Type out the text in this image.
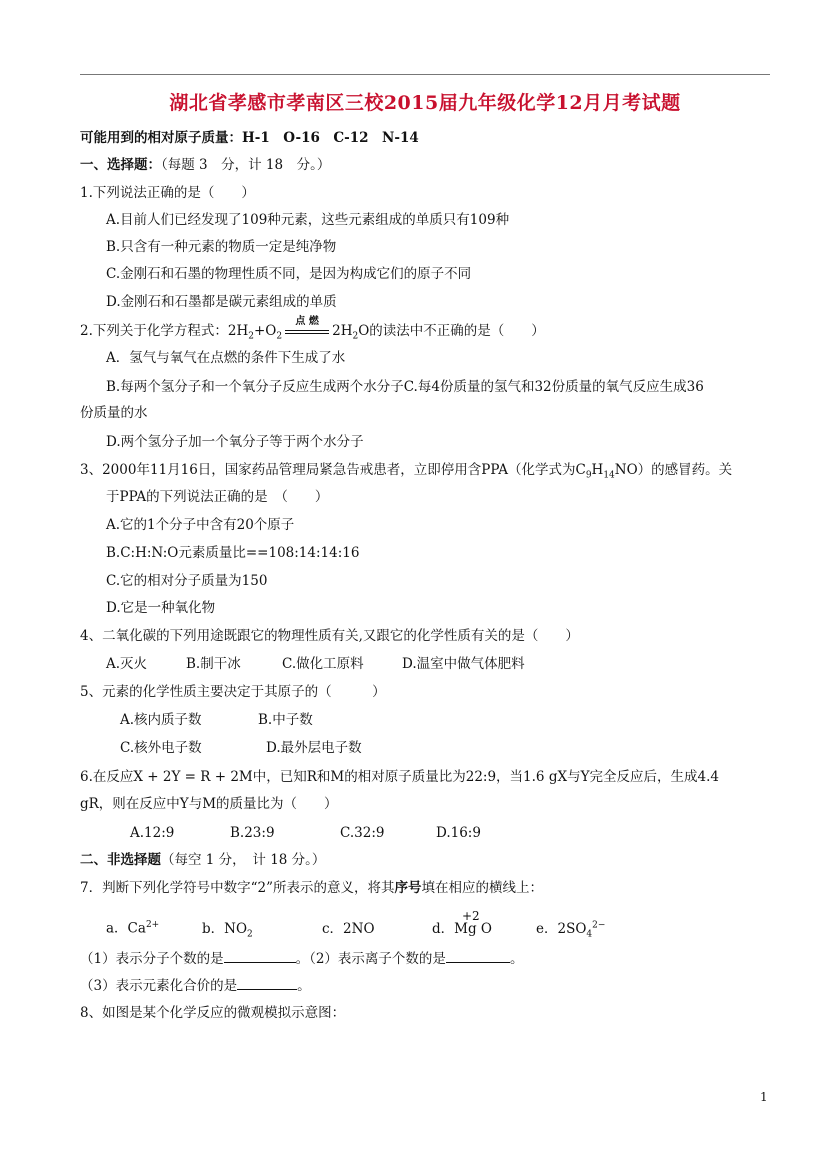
湖北省孝感市孝南区三校2015届九年级化学12月月考试题
可能用到的相对原子质量：H-1　O-16　C-12　N-14
一、选择题：（每题 3　分，计 18　分。）
1.下列说法正确的是（　　）
A.目前人们已经发现了109种元素，这些元素组成的单质只有109种
B.只含有一种元素的物质一定是纯净物
C.金刚石和石墨的物理性质不同，是因为构成它们的原子不同
D.金刚石和石墨都是碳元素组成的单质
2.下列关于化学方程式：$2H_2+O_2$
点 燃
$2H_2O$的读法中不正确的是（　　）
A．氢气与氧气在点燃的条件下生成了水
B.每两个氢分子和一个氧分子反应生成两个水分子C.每4份质量的氢气和32份质量的氧气反应生成36
份质量的水
D.两个氢分子加一个氧分子等于两个水分子
3、2000年11月16日，国家药品管理局紧急告戒患者，立即停用含PPA（化学式为$C_9H_{14}NO$）的感冒药。关
于PPA的下列说法正确的是　（　　）
A.它的1个分子中含有20个原子
B.C:H:N:O元素质量比==108:14:14:16
C.它的相对分子质量为150
D.它是一种氧化物
4、二氧化碳的下列用途既跟它的物理性质有关,又跟它的化学性质有关的是（　　）
A.灭火	B.制干冰	C.做化工原料	D.温室中做气体肥料
5、元素的化学性质主要决定于其原子的（　　　）
A.核内质子数	B.中子数
C.核外电子数	D.最外层电子数
6.在反应X + 2Y = R + 2M中，已知R和M的相对原子质量比为22:9，当1.6 gX与Y完全反应后，生成4.4
gR，则在反应中Y与M的质量比为（　　）
A.12:9	B.23:9	C.32:9	D.16:9
二、非选择题（每空 1 分，　计 18 分。）
7．判断下列化学符号中数字“2”所表示的意义，将其序号填在相应的横线上：
a．$Ca^{2+}$	b．$NO_2$	c．2NO
+2
d．Mg O	e．$2SO_4^{2-}$
（1）表示分子个数的是	。（2）表示离子个数的是	。
（3）表示元素化合价的是	。
8、如图是某个化学反应的微观模拟示意图：
1
